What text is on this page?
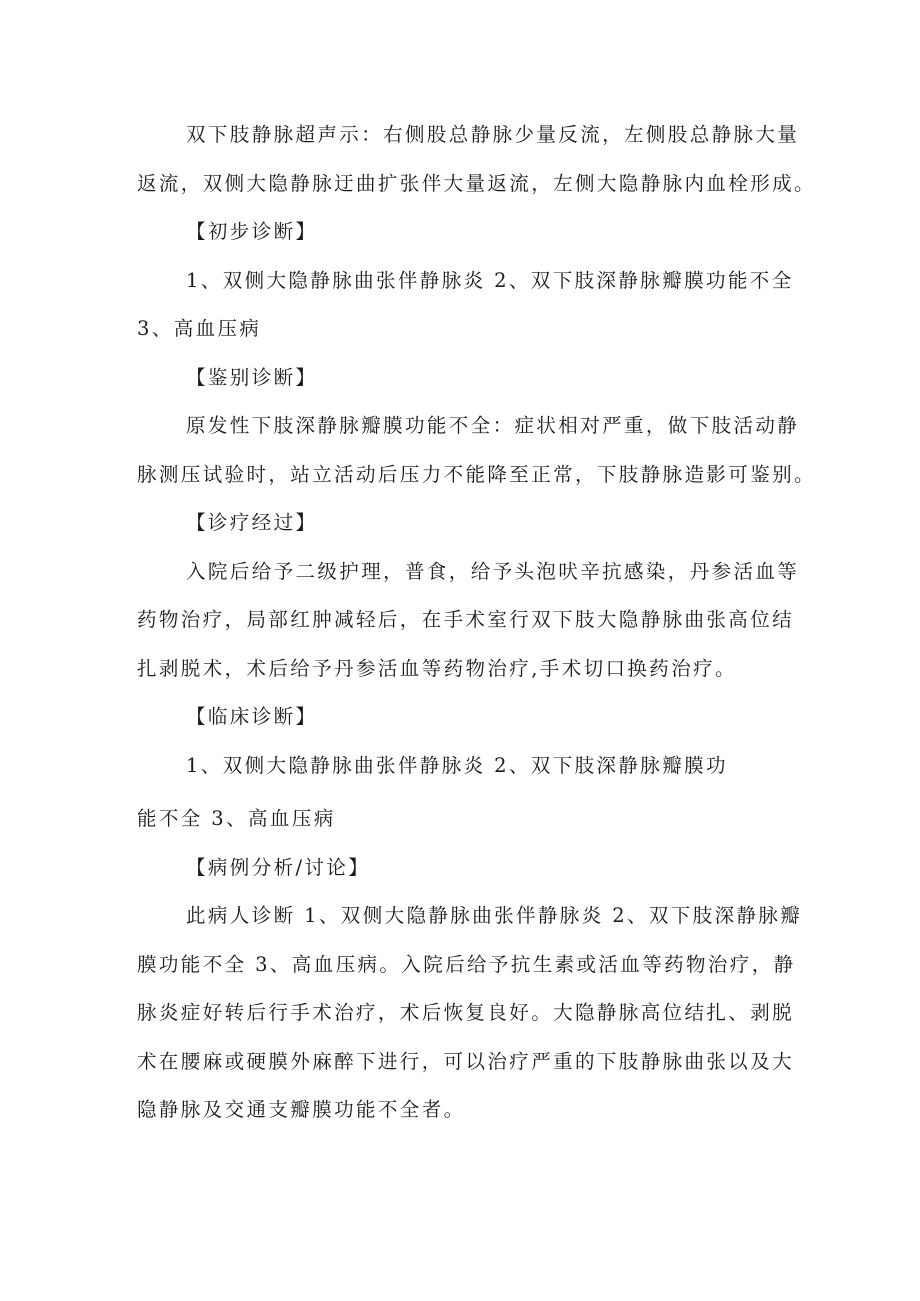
双下肢静脉超声示：右侧股总静脉少量反流，左侧股总静脉大量
返流，双侧大隐静脉迂曲扩张伴大量返流，左侧大隐静脉内血栓形成。
【初步诊断】
1、双侧大隐静脉曲张伴静脉炎 2、双下肢深静脉瓣膜功能不全
3、高血压病
【鉴别诊断】
原发性下肢深静脉瓣膜功能不全：症状相对严重，做下肢活动静
脉测压试验时，站立活动后压力不能降至正常，下肢静脉造影可鉴别。
【诊疗经过】
入院后给予二级护理，普食，给予头泡吠辛抗感染，丹参活血等
药物治疗，局部红肿减轻后，在手术室行双下肢大隐静脉曲张高位结
扎剥脱术，术后给予丹参活血等药物治疗,手术切口换药治疗。
【临床诊断】
1、双侧大隐静脉曲张伴静脉炎 2、双下肢深静脉瓣膜功
能不全 3、高血压病
【病例分析/讨论】
此病人诊断 1、双侧大隐静脉曲张伴静脉炎 2、双下肢深静脉瓣
膜功能不全 3、高血压病。入院后给予抗生素或活血等药物治疗，静
脉炎症好转后行手术治疗，术后恢复良好。大隐静脉高位结扎、剥脱
术在腰麻或硬膜外麻醉下进行，可以治疗严重的下肢静脉曲张以及大
隐静脉及交通支瓣膜功能不全者。
